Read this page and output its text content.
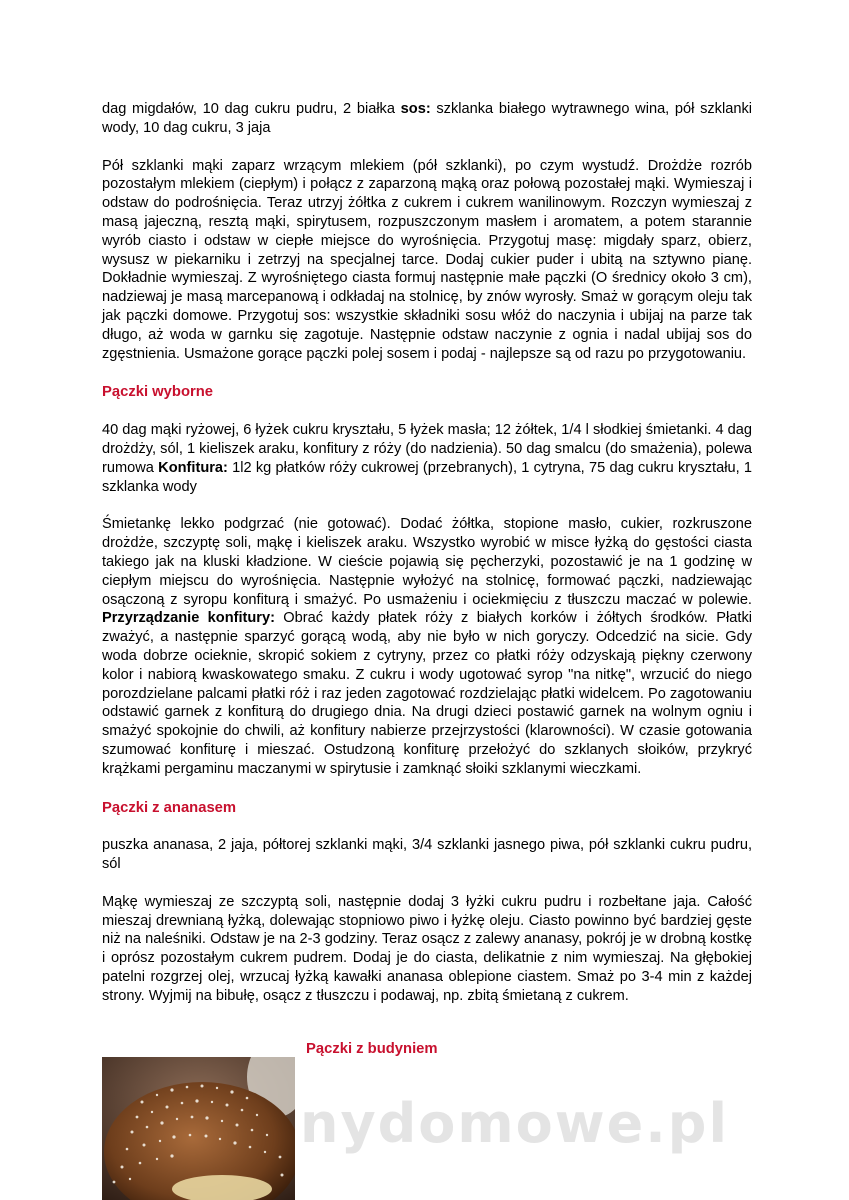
dag migdałów, 10 dag cukru pudru, 2 białka sos: szklanka białego wytrawnego wina, pół szklanki wody, 10 dag cukru, 3 jaja

Pół szklanki mąki zaparz wrzącym mlekiem (pół szklanki), po czym wystudź. Drożdże rozrób pozostałym mlekiem (ciepłym) i połącz z zaparzoną mąką oraz połową pozostałej mąki. Wymieszaj i odstaw do podrośnięcia. Teraz utrzyj żółtka z cukrem i cukrem wanilinowym. Rozczyn wymieszaj z masą jajeczną, resztą mąki, spirytusem, rozpuszczonym masłem i aromatem, a potem starannie wyrób ciasto i odstaw w ciepłe miejsce do wyrośnięcia. Przygotuj masę: migdały sparz, obierz, wysusz w piekarniku i zetrzyj na specjalnej tarce. Dodaj cukier puder i ubitą na sztywno pianę. Dokładnie wymieszaj. Z wyrośniętego ciasta formuj następnie małe pączki (O średnicy około 3 cm), nadziewaj je masą marcepanową i odkładaj na stolnicę, by znów wyrosły. Smaż w gorącym oleju tak jak pączki domowe. Przygotuj sos: wszystkie składniki sosu włóż do naczynia i ubijaj na parze tak długo, aż woda w garnku się zagotuje. Następnie odstaw naczynie z ognia i nadal ubijaj sos do zgęstnienia. Usmażone gorące pączki polej sosem i podaj - najlepsze są od razu po przygotowaniu.

Pączki wyborne

40 dag mąki ryżowej, 6 łyżek cukru kryształu, 5 łyżek masła; 12 żółtek, 1/4 l słodkiej śmietanki. 4 dag drożdży, sól, 1 kieliszek araku, konfitury z róży (do nadzienia). 50 dag smalcu (do smażenia), polewa rumowa Konfitura: 1l2 kg płatków róży cukrowej (przebranych), 1 cytryna, 75 dag cukru kryształu, 1 szklanka wody

Śmietankę lekko podgrzać (nie gotować). Dodać żółtka, stopione masło, cukier, rozkruszone drożdże, szczyptę soli, mąkę i kieliszek araku. Wszystko wyrobić w misce łyżką do gęstości ciasta takiego jak na kluski kładzione. W cieście pojawią się pęcherzyki, pozostawić je na 1 godzinę w ciepłym miejscu do wyrośnięcia. Następnie wyłożyć na stolnicę, formować pączki, nadziewając osączoną z syropu konfiturą i smażyć. Po usmażeniu i ociekmięciu z tłuszczu maczać w polewie. Przyrządzanie konfitury: Obrać każdy płatek róży z białych korków i żółtych środków. Płatki zważyć, a następnie sparzyć gorącą wodą, aby nie było w nich goryczy. Odcedzić na sicie. Gdy woda dobrze ocieknie, skropić sokiem z cytryny, przez co płatki róży odzyskają piękny czerwony kolor i nabiorą kwaskowatego smaku. Z cukru i wody ugotować syrop "na nitkę", wrzucić do niego porozdzielane palcami płatki róż i raz jeden zagotować rozdzielając płatki widelcem. Po zagotowaniu odstawić garnek z konfiturą do drugiego dnia. Na drugi dzieci postawić garnek na wolnym ogniu i smażyć spokojnie do chwili, aż konfitury nabierze przejrzystości (klarowności). W czasie gotowania szumować konfiturę i mieszać. Ostudzoną konfiturę przełożyć do szklanych słoików, przykryć krążkami pergaminu maczanymi w spirytusie i zamknąć słoiki szklanymi wieczkami.

Pączki z ananasem

puszka ananasa, 2 jaja, półtorej szklanki mąki, 3/4 szklanki jasnego piwa, pół szklanki cukru pudru, sól

Mąkę wymieszaj ze szczyptą soli, następnie dodaj 3 łyżki cukru pudru i rozbełtane jaja. Całość mieszaj drewnianą łyżką, dolewając stopniowo piwo i łyżkę oleju. Ciasto powinno być bardziej gęste niż na naleśniki. Odstaw je na 2-3 godziny. Teraz osącz z zalewy ananasy, pokrój je w drobną kostkę i oprósz pozostałym cukrem pudrem. Dodaj je do ciasta, delikatnie z nim wymieszaj. Na głębokiej patelni rozgrzej olej, wrzucaj łyżką kawałki ananasa oblepione ciastem. Smaż po 3-4 min z każdej strony. Wyjmij na bibułę, osącz z tłuszczu i podawaj, np. zbitą śmietaną z cukrem.

Pączki z budyniem
nydomowe.pl
